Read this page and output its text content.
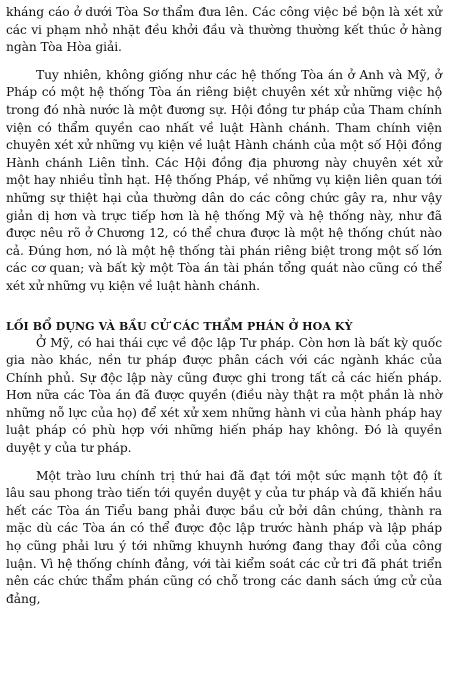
kháng cáo ở dưới Tòa Sơ thẩm đưa lên. Các công việc bề bộn là xét xử các vi phạm nhỏ nhặt đều khởi đầu và thường thường kết thúc ở hàng ngàn Tòa Hòa giải.

Tuy nhiên, không giống như các hệ thống Tòa án ở Anh và Mỹ, ở Pháp có một hệ thống Tòa án riêng biệt chuyên xét xử những việc hộ trong đó nhà nước là một đương sự. Hội đồng tư pháp của Tham chính viện có thẩm quyền cao nhất về luật Hành chánh. Tham chính viện chuyên xét xử những vụ kiện về luật Hành chánh của một số Hội đồng Hành chánh Liên tỉnh. Các Hội đồng địa phương này chuyên xét xử một hay nhiều tỉnh hạt. Hệ thống Pháp, về những vụ kiện liên quan tới những sự thiệt hại của thường dân do các công chức gây ra, như vậy giản dị hơn và trực tiếp hơn là hệ thống Mỹ và hệ thống này, như đã được nêu rõ ở Chương 12, có thể chưa được là một hệ thống chút nào cả. Đúng hơn, nó là một hệ thống tài phán riêng biệt trong một số lớn các cơ quan; và bất kỳ một Tòa án tài phán tổng quát nào cũng có thể xét xử những vụ kiện về luật hành chánh.

LỐI BỔ DỤNG VÀ BẦU CỬ CÁC THẨM PHÁN Ở HOA KỲ

Ở Mỹ, có hai thái cực về độc lập Tư pháp. Còn hơn là bất kỳ quốc gia nào khác, nền tư pháp được phân cách với các ngành khác của Chính phủ. Sự độc lập này cũng được ghi trong tất cả các hiến pháp. Hơn nữa các Tòa án đã được quyền (điều này thật ra một phần là nhờ những nỗ lực của họ) để xét xử xem những hành vi của hành pháp hay luật pháp có phù hợp với những hiến pháp hay không. Đó là quyền duyệt y của tư pháp.

Một trào lưu chính trị thứ hai đã đạt tới một sức mạnh tột độ ít lâu sau phong trào tiến tới quyền duyệt y của tư pháp và đã khiến hầu hết các Tòa án Tiểu bang phải được bầu cử bởi dân chúng, thành ra mặc dù các Tòa án có thể được độc lập trước hành pháp và lập pháp họ cũng phải lưu ý tới những khuynh hướng đang thay đổi của công luận. Vì hệ thống chính đảng, với tài kiểm soát các cử tri đã phát triển nên các chức thẩm phán cũng có chỗ trong các danh sách ứng cử của đảng,
